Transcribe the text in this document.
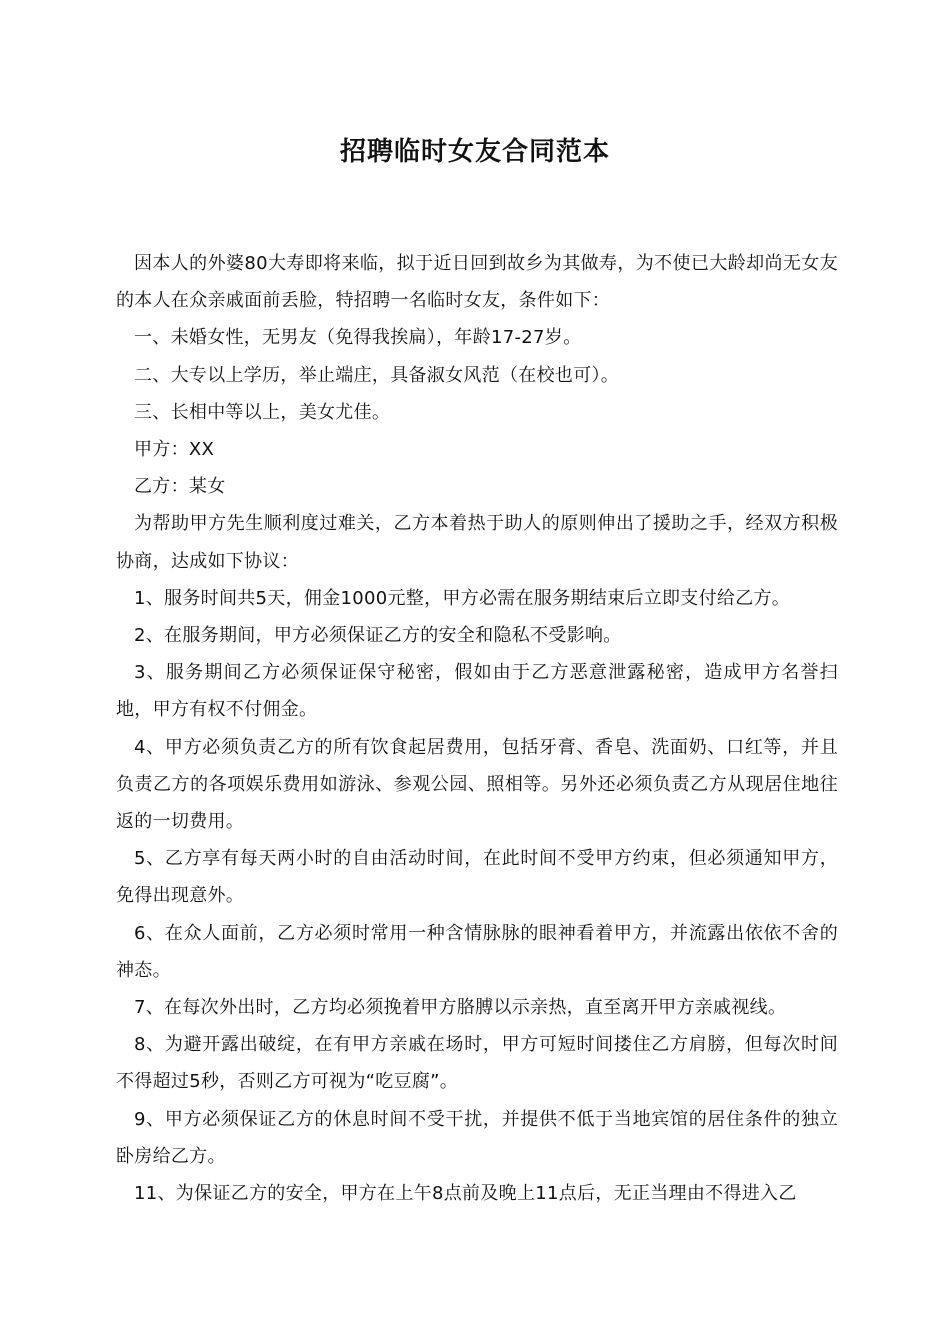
招聘临时女友合同范本

因本人的外婆80大寿即将来临，拟于近日回到故乡为其做寿，为不使已大龄却尚无女友的本人在众亲戚面前丢脸，特招聘一名临时女友，条件如下：

一、未婚女性，无男友（免得我挨扁），年龄17-27岁。

二、大专以上学历，举止端庄，具备淑女风范（在校也可）。

三、长相中等以上，美女尤佳。

甲方：XX

乙方：某女

为帮助甲方先生顺利度过难关，乙方本着热于助人的原则伸出了援助之手，经双方积极协商，达成如下协议：

1、服务时间共5天，佣金1000元整，甲方必需在服务期结束后立即支付给乙方。

2、在服务期间，甲方必须保证乙方的安全和隐私不受影响。

3、服务期间乙方必须保证保守秘密，假如由于乙方恶意泄露秘密，造成甲方名誉扫地，甲方有权不付佣金。

4、甲方必须负责乙方的所有饮食起居费用，包括牙膏、香皂、洗面奶、口红等，并且负责乙方的各项娱乐费用如游泳、参观公园、照相等。另外还必须负责乙方从现居住地往返的一切费用。

5、乙方享有每天两小时的自由活动时间，在此时间不受甲方约束，但必须通知甲方，免得出现意外。

6、在众人面前，乙方必须时常用一种含情脉脉的眼神看着甲方，并流露出依依不舍的神态。

7、在每次外出时，乙方均必须挽着甲方胳膊以示亲热，直至离开甲方亲戚视线。

8、为避开露出破绽，在有甲方亲戚在场时，甲方可短时间搂住乙方肩膀，但每次时间不得超过5秒，否则乙方可视为“吃豆腐”。

9、甲方必须保证乙方的休息时间不受干扰，并提供不低于当地宾馆的居住条件的独立卧房给乙方。

11、为保证乙方的安全，甲方在上午8点前及晚上11点后，无正当理由不得进入乙
